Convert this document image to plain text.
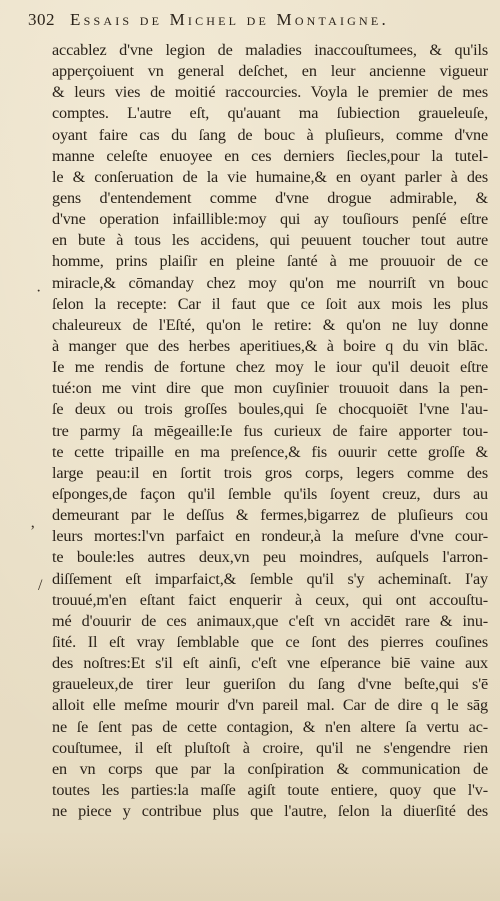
302 Essais de Michel de Montaigne.
accablez d'vne legion de maladies inaccouſtumees, & qu'ils
apperçoiuent vn general deſchet, en leur ancienne vigueur
& leurs vies de moitié raccourcies. Voyla le premier de mes
comptes. L'autre eſt, qu'auant ma ſubiection graueleuſe,
oyant faire cas du ſang de bouc à pluſieurs, comme d'vne
manne celeſte enuoyee en ces derniers ſiecles,pour la tutel-
le & conſeruation de la vie humaine,& en oyant parler à des
gens d'entendement comme d'vne drogue admirable, &
d'vne operation infaillible:moy qui ay touſiours penſé eſtre
en bute à tous les accidens, qui peuuent toucher tout autre
homme, prins plaiſir en pleine ſanté à me prouuoir de ce
miracle,& cōmanday chez moy qu'on me nourriſt vn bouc
ſelon la recepte: Car il faut que ce ſoit aux mois les plus
chaleureux de l'Eſté, qu'on le retire: & qu'on ne luy donne
à manger que des herbes aperitiues,& à boire q du vin blāc.
Ie me rendis de fortune chez moy le iour qu'il deuoit eſtre
tué:on me vint dire que mon cuyſinier trouuoit dans la pen-
ſe deux ou trois groſſes boules,qui ſe chocquoiēt l'vne l'au-
tre parmy ſa mēgeaille:Ie fus curieux de faire apporter tou-
te cette tripaille en ma preſence,& fis ouurir cette groſſe &
large peau:il en ſortit trois gros corps, legers comme des
eſponges,de façon qu'il ſemble qu'ils ſoyent creuz, durs au
demeurant par le deſſus & fermes,bigarrez de pluſieurs cou
leurs mortes:l'vn parfaict en rondeur,à la meſure d'vne cour-
te boule:les autres deux,vn peu moindres, auſquels l'arron-
diſſement eſt imparfaict,& ſemble qu'il s'y acheminaſt. I'ay
trouué,m'en eſtant faict enquerir à ceux, qui ont accouſtu-
mé d'ouurir de ces animaux,que c'eſt vn accidēt rare & inu-
ſité. Il eſt vray ſemblable que ce ſont des pierres couſines
des noſtres:Et s'il eſt ainſi, c'eſt vne eſperance biē vaine aux
graueleux,de tirer leur gueriſon du ſang d'vne beſte,qui s'ē
alloit elle meſme mourir d'vn pareil mal. Car de dire q le sāg
ne ſe ſent pas de cette contagion, & n'en altere ſa vertu ac-
couſtumee, il eſt pluſtoſt à croire, qu'il ne s'engendre rien
en vn corps que par la conſpiration & communication de
toutes les parties:la maſſe agiſt toute entiere, quoy que l'v-
ne piece y contribue plus que l'autre, ſelon la diuerſité des
·
‚
/
